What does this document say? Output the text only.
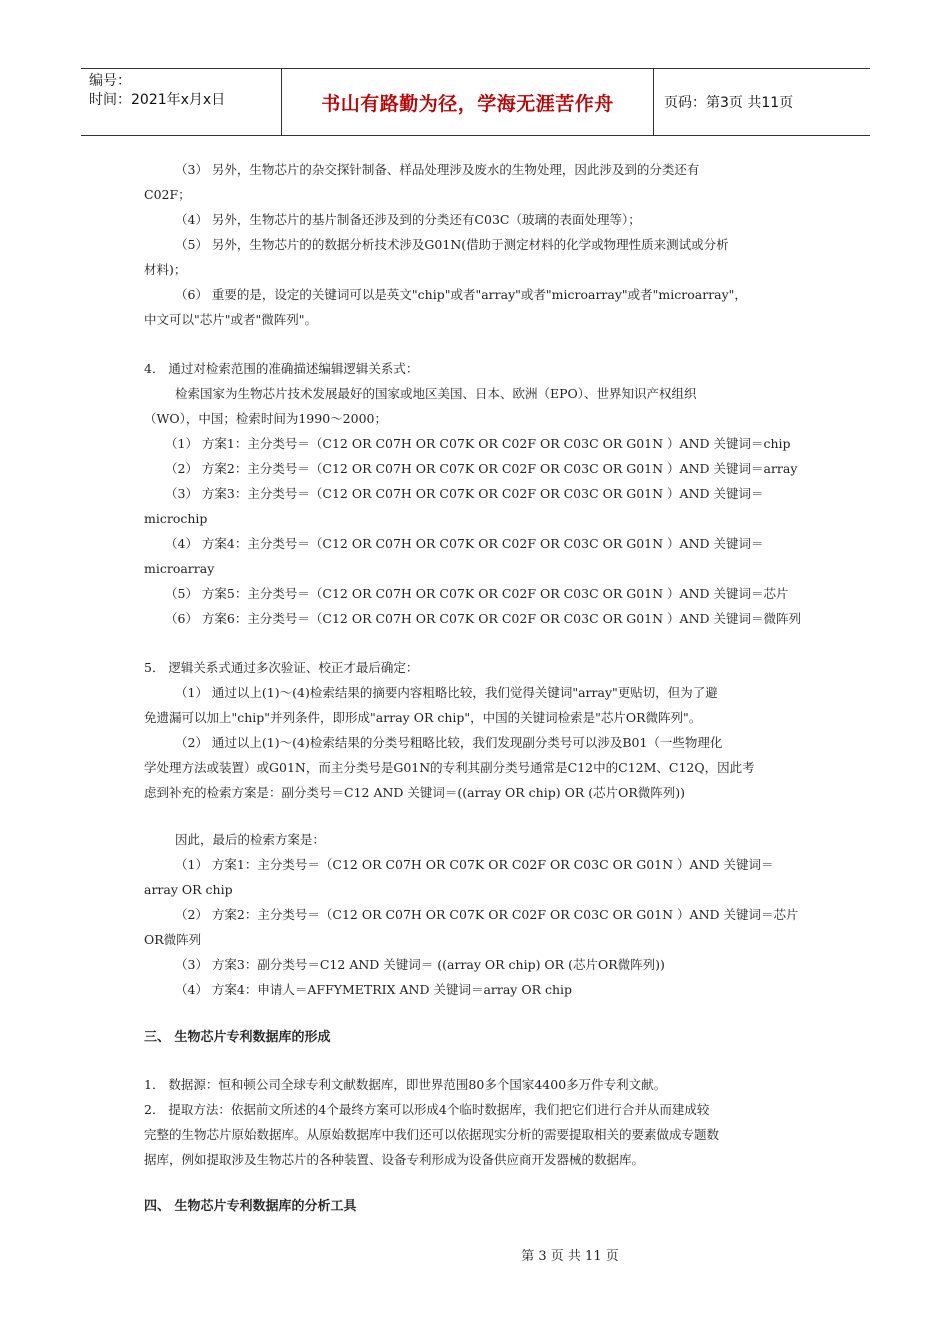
编号：
时间：2021年x月x日	书山有路勤为径，学海无涯苦作舟	页码：第3页 共11页
（3） 另外，生物芯片的杂交探针制备、样品处理涉及废水的生物处理，因此涉及到的分类还有
C02F；
（4） 另外，生物芯片的基片制备还涉及到的分类还有C03C（玻璃的表面处理等）；
（5） 另外，生物芯片的的数据分析技术涉及G01N(借助于测定材料的化学或物理性质来测试或分析
材料)；
（6） 重要的是，设定的关键词可以是英文"chip"或者"array"或者"microarray"或者"microarray"，
中文可以"芯片"或者"微阵列"。
4． 通过对检索范围的准确描述编辑逻辑关系式：
检索国家为生物芯片技术发展最好的国家或地区美国、日本、欧洲（EPO）、世界知识产权组织
（WO），中国；检索时间为1990～2000；
（1） 方案1：主分类号＝（C12 OR C07H OR C07K OR C02F OR C03C OR G01N ）AND 关键词＝chip
（2） 方案2：主分类号＝（C12 OR C07H OR C07K OR C02F OR C03C OR G01N ）AND 关键词＝array
（3） 方案3：主分类号＝（C12 OR C07H OR C07K OR C02F OR C03C OR G01N ）AND 关键词＝
microchip
（4） 方案4：主分类号＝（C12 OR C07H OR C07K OR C02F OR C03C OR G01N ）AND 关键词＝
microarray
（5） 方案5：主分类号＝（C12 OR C07H OR C07K OR C02F OR C03C OR G01N ）AND 关键词＝芯片
（6） 方案6：主分类号＝（C12 OR C07H OR C07K OR C02F OR C03C OR G01N ）AND 关键词＝微阵列
5． 逻辑关系式通过多次验证、校正才最后确定：
（1） 通过以上(1)～(4)检索结果的摘要内容粗略比较，我们觉得关键词"array"更贴切，但为了避
免遗漏可以加上"chip"并列条件，即形成"array OR chip"，中国的关键词检索是"芯片OR微阵列"。
（2） 通过以上(1)～(4)检索结果的分类号粗略比较，我们发现副分类号可以涉及B01（一些物理化
学处理方法或装置）或G01N，而主分类号是G01N的专利其副分类号通常是C12中的C12M、C12Q，因此考
虑到补充的检索方案是：副分类号＝C12 AND 关键词＝((array OR chip) OR (芯片OR微阵列))
因此，最后的检索方案是：
（1） 方案1：主分类号＝（C12 OR C07H OR C07K OR C02F OR C03C OR G01N ）AND 关键词＝
array OR chip
（2） 方案2：主分类号＝（C12 OR C07H OR C07K OR C02F OR C03C OR G01N ）AND 关键词＝芯片
OR微阵列
（3） 方案3：副分类号＝C12 AND 关键词＝ ((array OR chip) OR (芯片OR微阵列))
（4） 方案4：申请人＝AFFYMETRIX AND 关键词＝array OR chip
三、 生物芯片专利数据库的形成
1． 数据源：恒和顿公司全球专利文献数据库，即世界范围80多个国家4400多万件专利文献。
2． 提取方法：依据前文所述的4个最终方案可以形成4个临时数据库，我们把它们进行合并从而建成较
完整的生物芯片原始数据库。从原始数据库中我们还可以依据现实分析的需要提取相关的要素做成专题数
据库，例如提取涉及生物芯片的各种装置、设备专利形成为设备供应商开发器械的数据库。
四、 生物芯片专利数据库的分析工具
第 3 页 共 11 页
